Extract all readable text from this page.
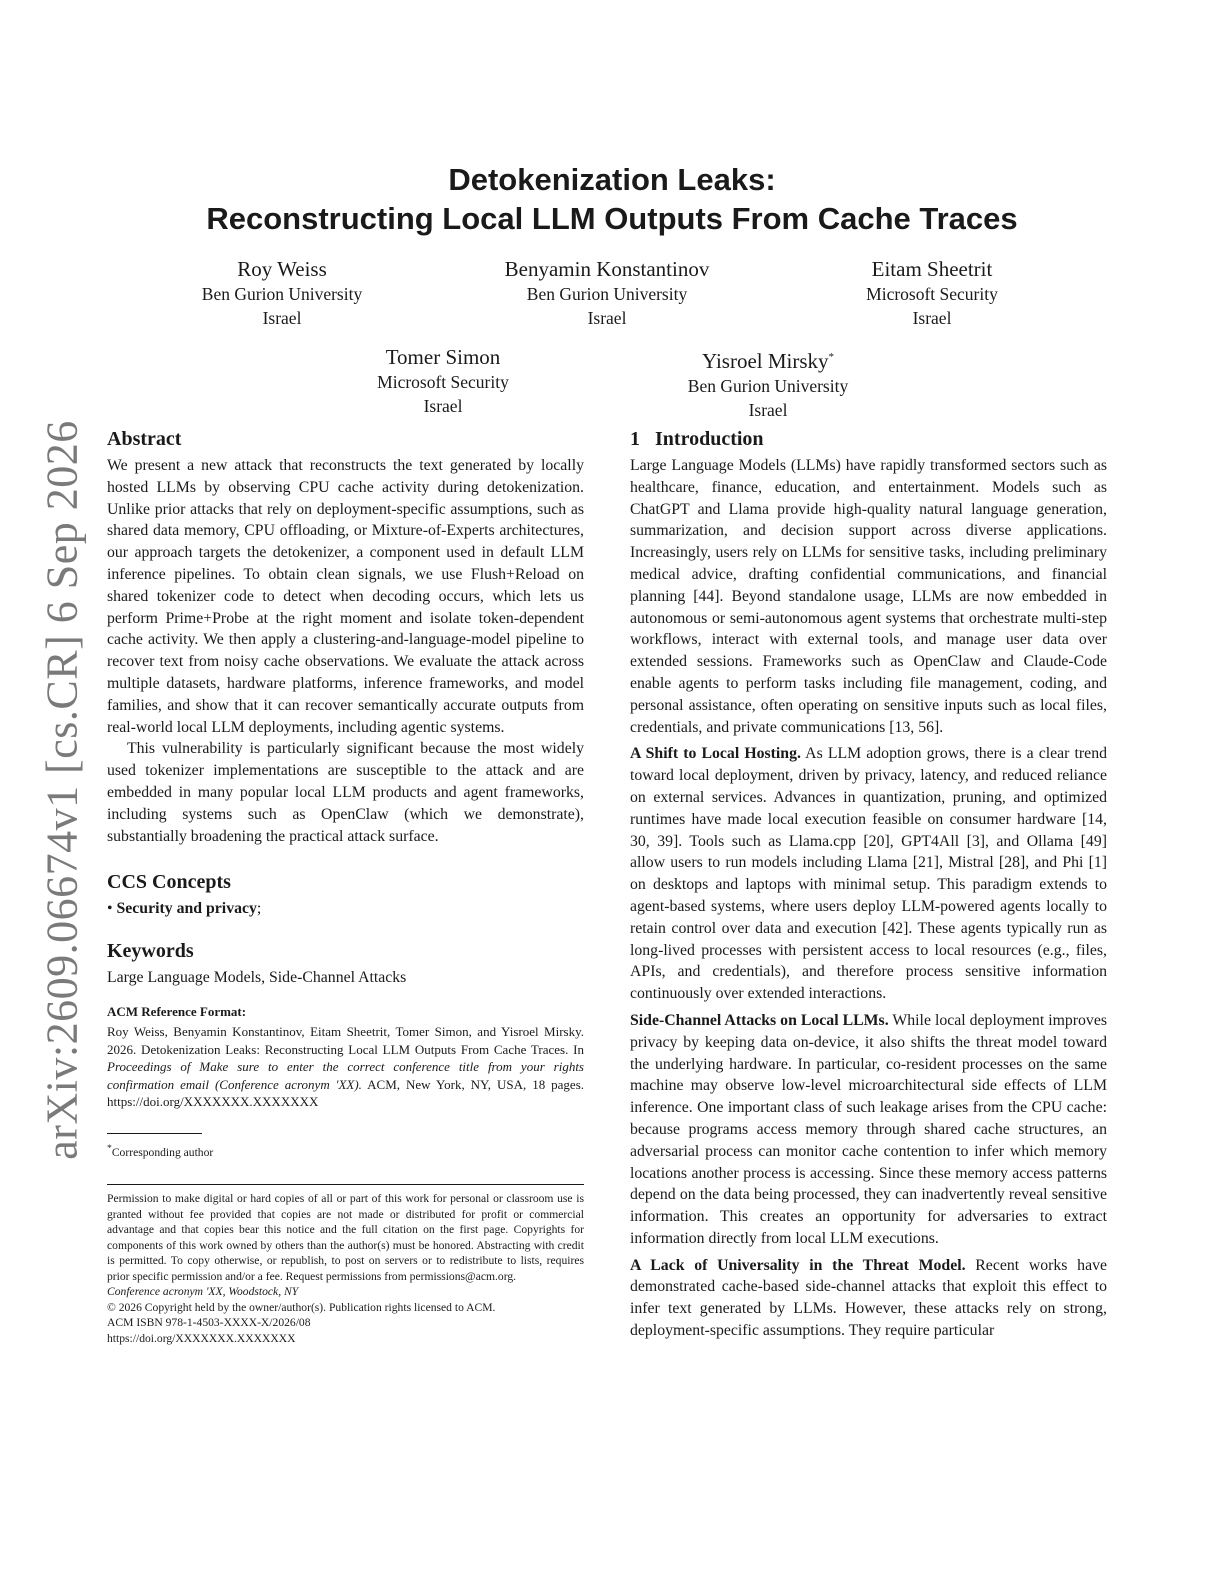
arXiv:2609.06674v1 [cs.CR] 6 Sep 2026
Detokenization Leaks:
Reconstructing Local LLM Outputs From Cache Traces
Roy Weiss
Ben Gurion University
Israel
Benyamin Konstantinov
Ben Gurion University
Israel
Eitam Sheetrit
Microsoft Security
Israel
Tomer Simon
Microsoft Security
Israel
Yisroel Mirsky*
Ben Gurion University
Israel
Abstract

We present a new attack that reconstructs the text generated by locally hosted LLMs by observing CPU cache activity during detokenization. Unlike prior attacks that rely on deployment-specific assumptions, such as shared data memory, CPU offloading, or Mixture-of-Experts architectures, our approach targets the detokenizer, a component used in default LLM inference pipelines. To obtain clean signals, we use Flush+Reload on shared tokenizer code to detect when decoding occurs, which lets us perform Prime+Probe at the right moment and isolate token-dependent cache activity. We then apply a clustering-and-language-model pipeline to recover text from noisy cache observations. We evaluate the attack across multiple datasets, hardware platforms, inference frameworks, and model families, and show that it can recover semantically accurate outputs from real-world local LLM deployments, including agentic systems.

This vulnerability is particularly significant because the most widely used tokenizer implementations are susceptible to the attack and are embedded in many popular local LLM products and agent frameworks, including systems such as OpenClaw (which we demonstrate), substantially broadening the practical attack surface.

CCS Concepts

• Security and privacy;

Keywords

Large Language Models, Side-Channel Attacks

ACM Reference Format:

Roy Weiss, Benyamin Konstantinov, Eitam Sheetrit, Tomer Simon, and Yisroel Mirsky. 2026. Detokenization Leaks: Reconstructing Local LLM Outputs From Cache Traces. In Proceedings of Make sure to enter the correct conference title from your rights confirmation email (Conference acronym 'XX). ACM, New York, NY, USA, 18 pages. https://doi.org/XXXXXXX.XXXXXXX

*Corresponding author

Permission to make digital or hard copies of all or part of this work for personal or classroom use is granted without fee provided that copies are not made or distributed for profit or commercial advantage and that copies bear this notice and the full citation on the first page. Copyrights for components of this work owned by others than the author(s) must be honored. Abstracting with credit is permitted. To copy otherwise, or republish, to post on servers or to redistribute to lists, requires prior specific permission and/or a fee. Request permissions from permissions@acm.org.

Conference acronym 'XX, Woodstock, NY
© 2026 Copyright held by the owner/author(s). Publication rights licensed to ACM.
ACM ISBN 978-1-4503-XXXX-X/2026/08
https://doi.org/XXXXXXX.XXXXXXX
1   Introduction

Large Language Models (LLMs) have rapidly transformed sectors such as healthcare, finance, education, and entertainment. Models such as ChatGPT and Llama provide high-quality natural language generation, summarization, and decision support across diverse applications. Increasingly, users rely on LLMs for sensitive tasks, including preliminary medical advice, drafting confidential communications, and financial planning [44]. Beyond standalone usage, LLMs are now embedded in autonomous or semi-autonomous agent systems that orchestrate multi-step workflows, interact with external tools, and manage user data over extended sessions. Frameworks such as OpenClaw and Claude-Code enable agents to perform tasks including file management, coding, and personal assistance, often operating on sensitive inputs such as local files, credentials, and private communications [13, 56].

A Shift to Local Hosting. As LLM adoption grows, there is a clear trend toward local deployment, driven by privacy, latency, and reduced reliance on external services. Advances in quantization, pruning, and optimized runtimes have made local execution feasible on consumer hardware [14, 30, 39]. Tools such as Llama.cpp [20], GPT4All [3], and Ollama [49] allow users to run models including Llama [21], Mistral [28], and Phi [1] on desktops and laptops with minimal setup. This paradigm extends to agent-based systems, where users deploy LLM-powered agents locally to retain control over data and execution [42]. These agents typically run as long-lived processes with persistent access to local resources (e.g., files, APIs, and credentials), and therefore process sensitive information continuously over extended interactions.

Side-Channel Attacks on Local LLMs. While local deployment improves privacy by keeping data on-device, it also shifts the threat model toward the underlying hardware. In particular, co-resident processes on the same machine may observe low-level microarchitectural side effects of LLM inference. One important class of such leakage arises from the CPU cache: because programs access memory through shared cache structures, an adversarial process can monitor cache contention to infer which memory locations another process is accessing. Since these memory access patterns depend on the data being processed, they can inadvertently reveal sensitive information. This creates an opportunity for adversaries to extract information directly from local LLM executions.

A Lack of Universality in the Threat Model. Recent works have demonstrated cache-based side-channel attacks that exploit this effect to infer text generated by LLMs. However, these attacks rely on strong, deployment-specific assumptions. They require particular
